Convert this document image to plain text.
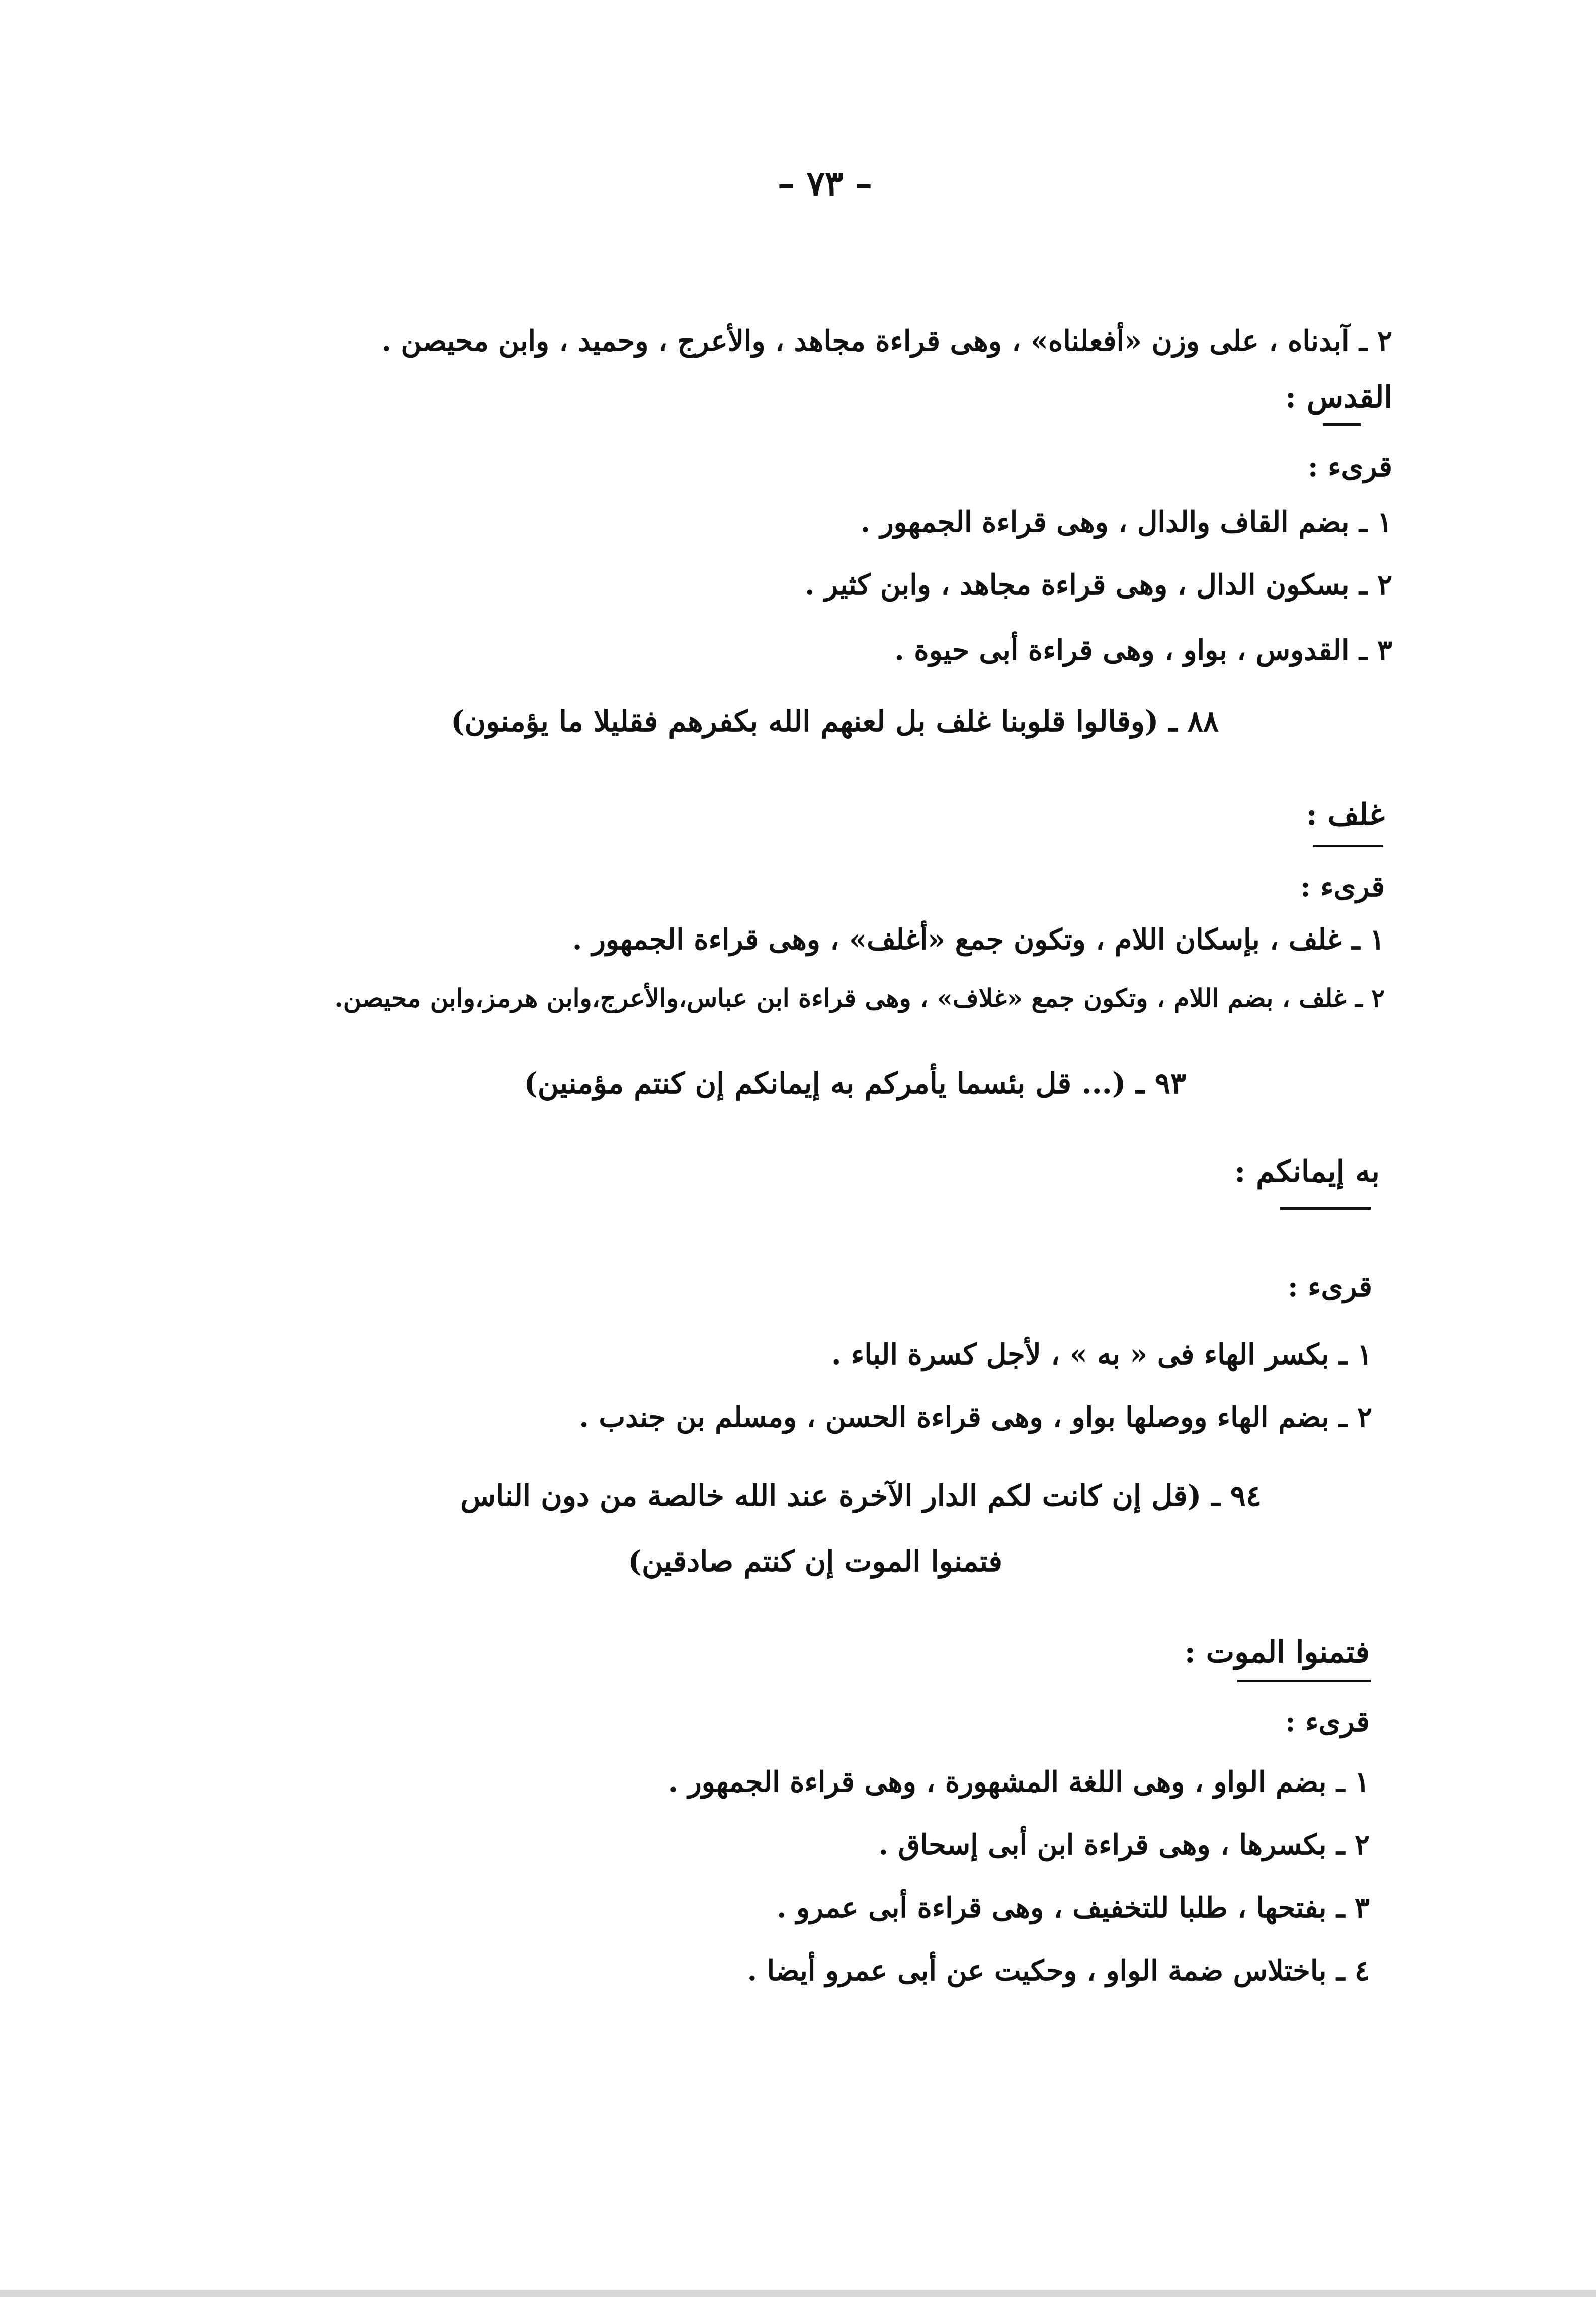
– ٧٣ –
٢ ـ آبدناه ، على وزن «أفعلناه» ، وهى قراءة مجاهد ، والأعرج ، وحميد ، وابن محيصن .
القدس :
قرىء :
١ ـ بضم القاف والدال ، وهى قراءة الجمهور .
٢ ـ بسكون الدال ، وهى قراءة مجاهد ، وابن كثير .
٣ ـ القدوس ، بواو ، وهى قراءة أبى حيوة .
٨٨ ـ (وقالوا قلوبنا غلف بل لعنهم الله بكفرهم فقليلا ما يؤمنون)
غلف :
قرىء :
١ ـ غلف ، بإسكان اللام ، وتكون جمع «أغلف» ، وهى قراءة الجمهور .
٢ ـ غلف ، بضم اللام ، وتكون جمع «غلاف» ، وهى قراءة ابن عباس،والأعرج،وابن هرمز،وابن محيصن.
٩٣ ـ (... قل بئسما يأمركم به إيمانكم إن كنتم مؤمنين)
به إيمانكم :
قرىء :
١ ـ بكسر الهاء فى « به » ، لأجل كسرة الباء .
٢ ـ بضم الهاء ووصلها بواو ، وهى قراءة الحسن ، ومسلم بن جندب .
٩٤ ـ (قل إن كانت لكم الدار الآخرة عند الله خالصة من دون الناس
فتمنوا الموت إن كنتم صادقين)
فتمنوا الموت :
قرىء :
١ ـ بضم الواو ، وهى اللغة المشهورة ، وهى قراءة الجمهور .
٢ ـ بكسرها ، وهى قراءة ابن أبى إسحاق .
٣ ـ بفتحها ، طلبا للتخفيف ، وهى قراءة أبى عمرو .
٤ ـ باختلاس ضمة الواو ، وحكيت عن أبى عمرو أيضا .
